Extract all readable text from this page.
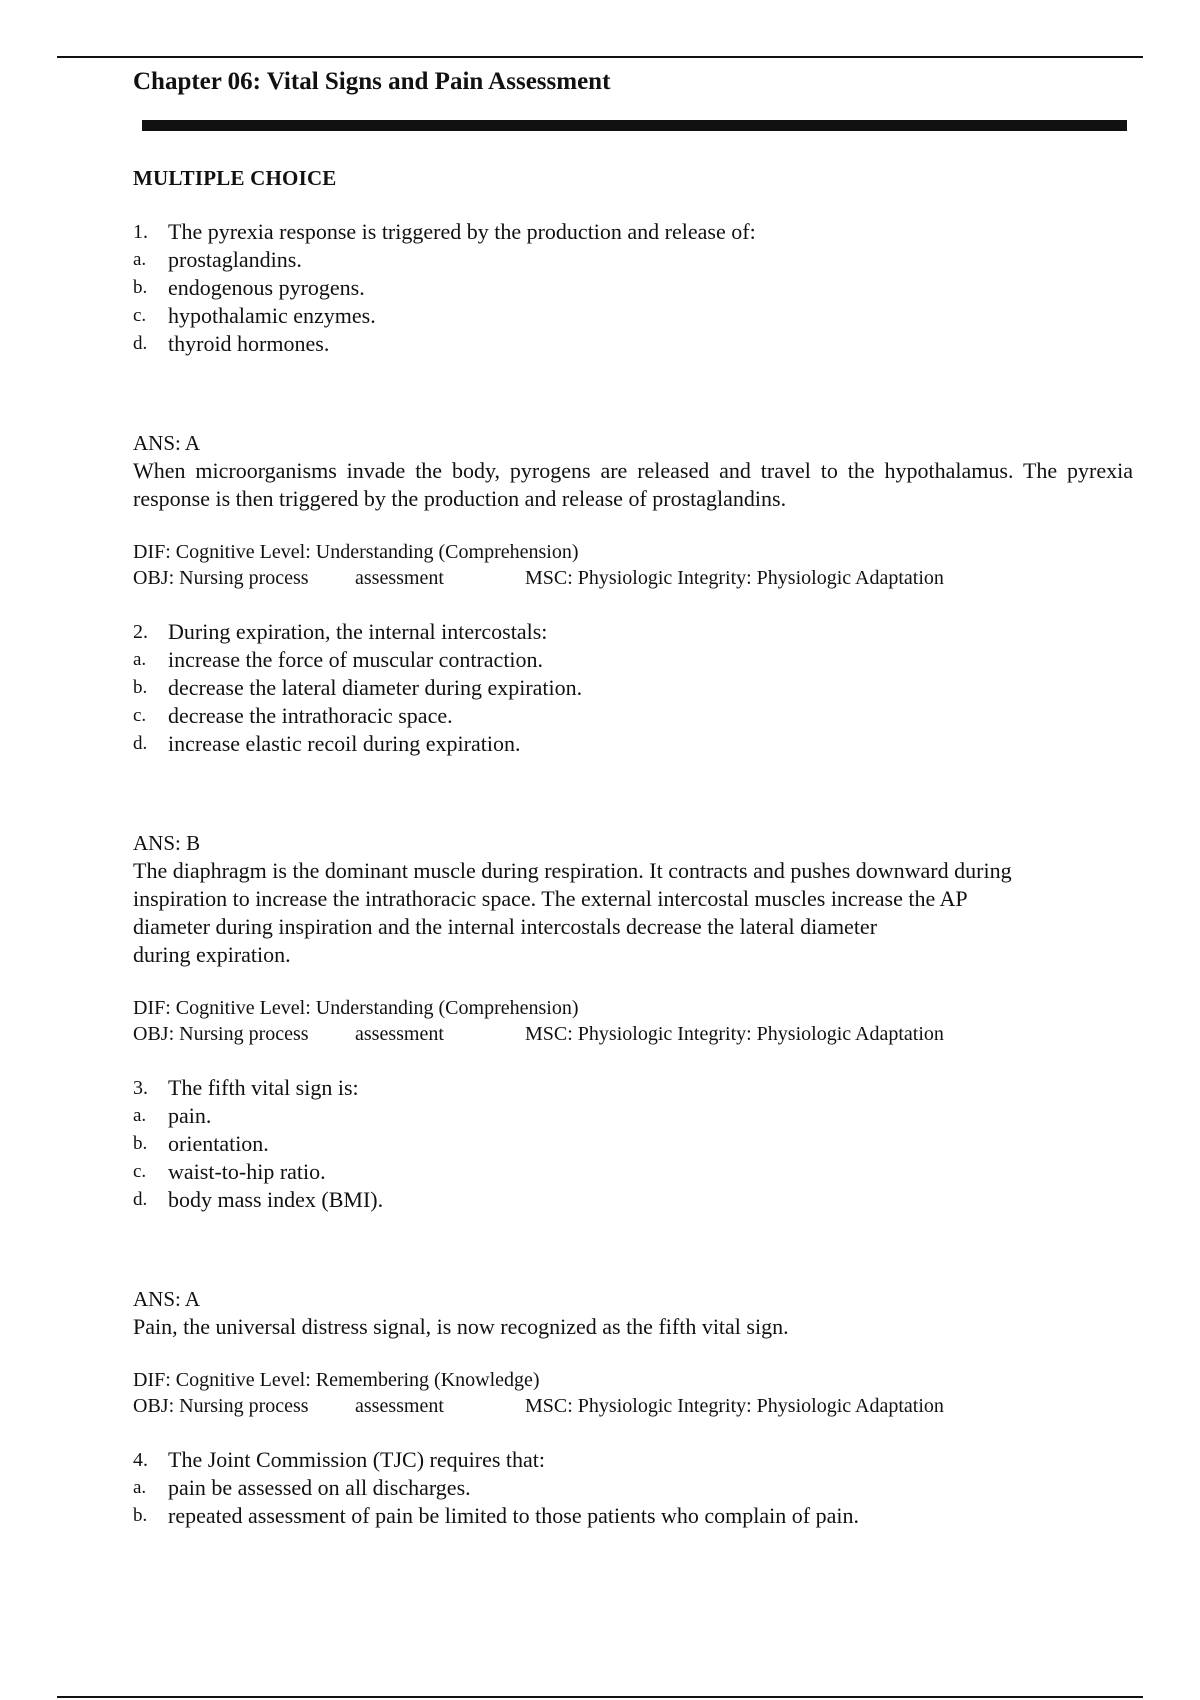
Chapter 06: Vital Signs and Pain Assessment
MULTIPLE CHOICE
1. The pyrexia response is triggered by the production and release of:
a. prostaglandins.
b. endogenous pyrogens.
c. hypothalamic enzymes.
d. thyroid hormones.
ANS: A
When microorganisms invade the body, pyrogens are released and travel to the hypothalamus. The pyrexia response is then triggered by the production and release of prostaglandins.
DIF: Cognitive Level: Understanding (Comprehension)
OBJ: Nursing process	assessment	MSC: Physiologic Integrity: Physiologic Adaptation
2. During expiration, the internal intercostals:
a. increase the force of muscular contraction.
b. decrease the lateral diameter during expiration.
c. decrease the intrathoracic space.
d. increase elastic recoil during expiration.
ANS: B
The diaphragm is the dominant muscle during respiration. It contracts and pushes downward during
inspiration to increase the intrathoracic space. The external intercostal muscles increase the AP
diameter during inspiration and the internal intercostals decrease the lateral diameter
during expiration.
DIF: Cognitive Level: Understanding (Comprehension)
OBJ: Nursing process	assessment	MSC: Physiologic Integrity: Physiologic Adaptation
3. The fifth vital sign is:
a. pain.
b. orientation.
c. waist-to-hip ratio.
d. body mass index (BMI).
ANS: A
Pain, the universal distress signal, is now recognized as the fifth vital sign.
DIF: Cognitive Level: Remembering (Knowledge)
OBJ: Nursing process	assessment	MSC: Physiologic Integrity: Physiologic Adaptation
4. The Joint Commission (TJC) requires that:
a. pain be assessed on all discharges.
b. repeated assessment of pain be limited to those patients who complain of pain.
